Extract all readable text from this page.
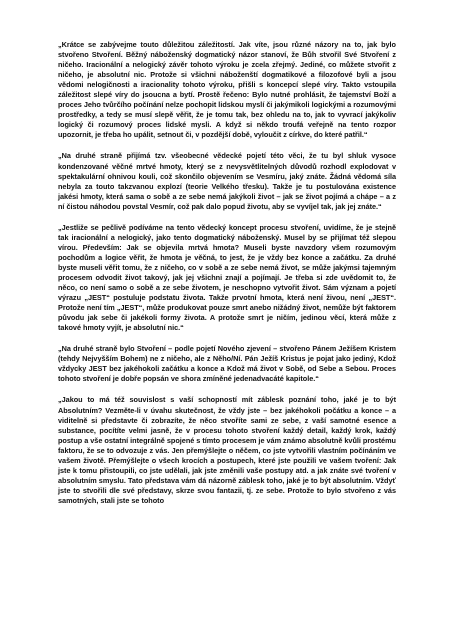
„Krátce se zabývejme touto důležitou záležitostí. Jak víte, jsou různé názory na to, jak bylo stvořeno Stvoření. Běžný náboženský dogmatický názor stanoví, že Bůh stvořil Své Stvoření z ničeho. Iracionální a nelogický závěr tohoto výroku je zcela zřejmý. Jediné, co můžete stvořit z ničeho, je absolutní nic. Protože si všichni náboženští dogmatikové a filozofové byli a jsou vědomi nelogičnosti a iracionality tohoto výroku, přišli s koncepcí slepé víry. Takto vstoupila záležitost slepé víry do jsoucna a bytí. Prostě řečeno: Bylo nutné prohlásit, že tajemství Boží a proces Jeho tvůrčího počínání nelze pochopit lidskou myslí či jakýmikoli logickými a rozumovými prostředky, a tedy se musí slepě věřit, že je tomu tak, bez ohledu na to, jak to vyvrací jakýkoliv logický či rozumový proces lidské mysli. A když si někdo troufá veřejně na tento rozpor upozornit, je třeba ho upálit, setnout či, v pozdější době, vyloučit z církve, do které patřil.“

„Na druhé straně přijímá tzv. všeobecné vědecké pojetí této věci, že tu byl shluk vysoce kondenzované věčné mrtvé hmoty, který se z nevysvětlitelných důvodů rozhodl explodovat v spektakulární ohnivou kouli, což skončilo objevením se Vesmíru, jaký znáte. Žádná vědomá síla nebyla za touto takzvanou explozí (teorie Velkého třesku). Takže je tu postulována existence jakési hmoty, která sama o sobě a ze sebe nemá jakýkoli život – jak se život pojímá a chápe – a z ní čistou náhodou povstal Vesmír, což pak dalo popud životu, aby se vyvíjel tak, jak jej znáte.“

„Jestliže se pečlivě podíváme na tento vědecký koncept procesu stvoření, uvidíme, že je stejně tak iracionální a nelogický, jako tento dogmatický náboženský. Musel by se přijímat též slepou vírou. Především: Jak se objevila mrtvá hmota? Museli byste navzdory všem rozumovým pochodům a logice věřit, že hmota je věčná, to jest, že je vždy bez konce a začátku. Za druhé byste museli věřit tomu, že z ničeho, co v sobě a ze sebe nemá život, se může jakýmsi tajemným procesem odvodit život takový, jak jej všichni znají a pojímají. Je třeba si zde uvědomit to, že něco, co není samo o sobě a ze sebe životem, je neschopno vytvořit život. Sám význam a pojetí výrazu „JEST“ postuluje podstatu života. Takže prvotní hmota, která není živou, není „JEST“. Protože není tím „JEST“, může produkovat pouze smrt anebo nižádný život, nemůže být faktorem původu jak sebe či jakékoli formy života. A protože smrt je ničím, jedinou věcí, která může z takové hmoty vyjít, je absolutní nic.“

„Na druhé straně bylo Stvoření – podle pojetí Nového zjevení – stvořeno Pánem Ježíšem Kristem (tehdy Nejvyšším Bohem) ne z ničeho, ale z Něho/Ní. Pán Ježíš Kristus je pojat jako jediný, Kdož vždycky JEST bez jakéhokoli začátku a konce a Kdož má život v Sobě, od Sebe a Sebou. Proces tohoto stvoření je dobře popsán ve shora zmíněné jedenadvacáté kapitole.“

„Jakou to má též souvislost s vaší schopností mít záblesk poznání toho, jaké je to být Absolutním? Vezměte-li v úvahu skutečnost, že vždy jste – bez jakéhokoli počátku a konce – a viditelně si představte či zobrazíte, že něco stvoříte sami ze sebe, z vaší samotné esence a substance, pocítíte velmi jasně, že v procesu tohoto stvoření každý detail, každý krok, každý postup a vše ostatní integrálně spojené s tímto procesem je vám známo absolutně kvůli prostému faktoru, že se to odvozuje z vás. Jen přemýšlejte o něčem, co jste vytvořili vlastním počínáním ve vašem životě. Přemýšlejte o všech krocích a postupech, které jste použili ve vašem tvoření: Jak jste k tomu přistoupili, co jste udělali, jak jste změnili vaše postupy atd. a jak znáte své tvoření v absolutním smyslu. Tato představa vám dá názorně záblesk toho, jaké je to být absolutním. Vždyť jste to stvořili dle své představy, skrze svou fantazii, tj. ze sebe. Protože to bylo stvořeno z vás samotných, stali jste se tohoto
